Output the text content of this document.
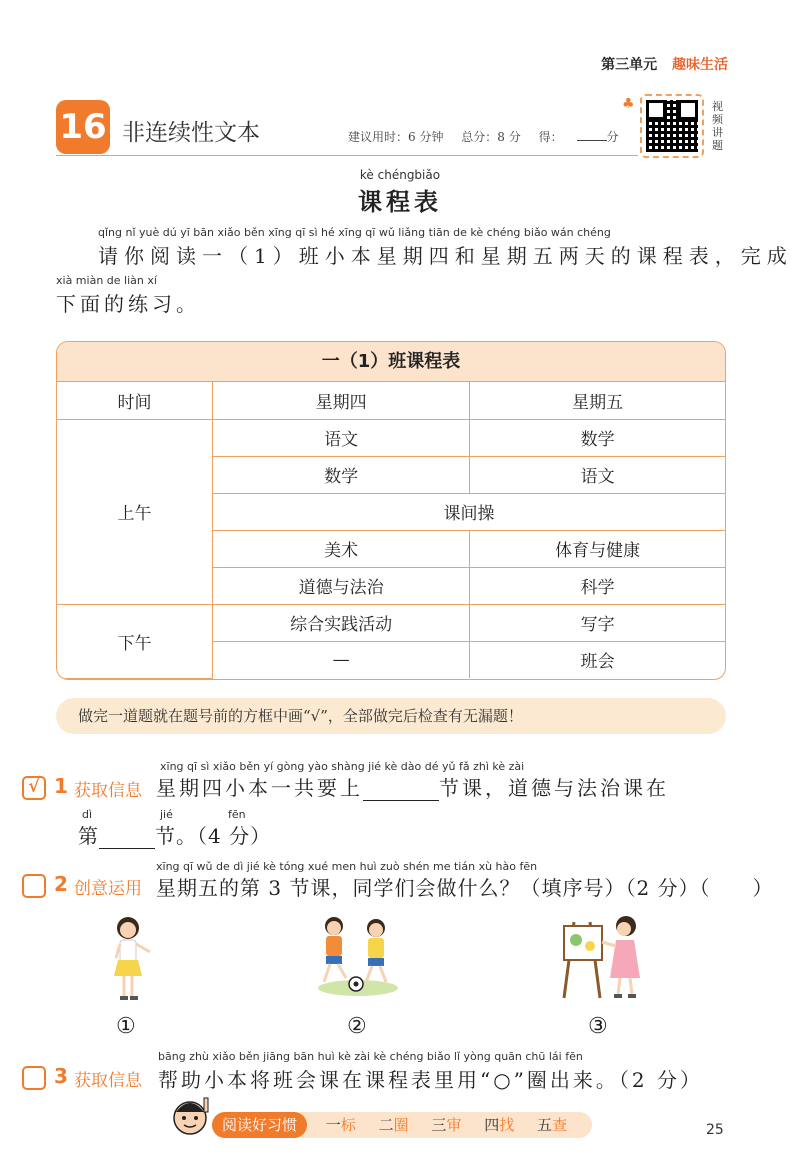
第三单元 趣味生活
16 非连续性文本	建议用时：6 分钟 总分：8 分 得：	分
♣	视频讲题
kè chéngbiǎo
课程表
qǐng nǐ yuè dú yī bān xiǎo běn xīng qī sì hé xīng qī wǔ liǎng tiān de kè chéng biǎo wán chéng
请你阅读一（1）班小本星期四和星期五两天的课程表，完成
xià miàn de liàn xí
下面的练习。
一（1）班课程表
时间	星期四	星期五
上午	语文	数学
	数学	语文
	课间操	
	美术	体育与健康
	道德与法治	科学
下午	综合实践活动	写字
	—	班会
做完一道题就在题号前的方框中画“√”，全部做完后检查有无漏题！
√ 1 获取信息
xīng qī sì xiǎo běn yí gòng yào shàng jié kè dào dé yǔ fǎ zhì kè zài
星期四小本一共要上	节课，道德与法治课在
dì	jié	fēn
第	节。（4 分）
2 创意运用
xīng qī wǔ de dì jié kè tóng xué men huì zuò shén me tián xù hào fēn
星期五的第 3 节课，同学们会做什么？（填序号）（2 分）（　　）
①	②	③
3 获取信息
bāng zhù xiǎo běn jiāng bān huì kè zài kè chéng biǎo lǐ yòng quān chū lái fēn
帮助小本将班会课在课程表里用“○”圈出来。（2 分）
阅读好习惯 一标 二圈 三审 四找 五查	25
